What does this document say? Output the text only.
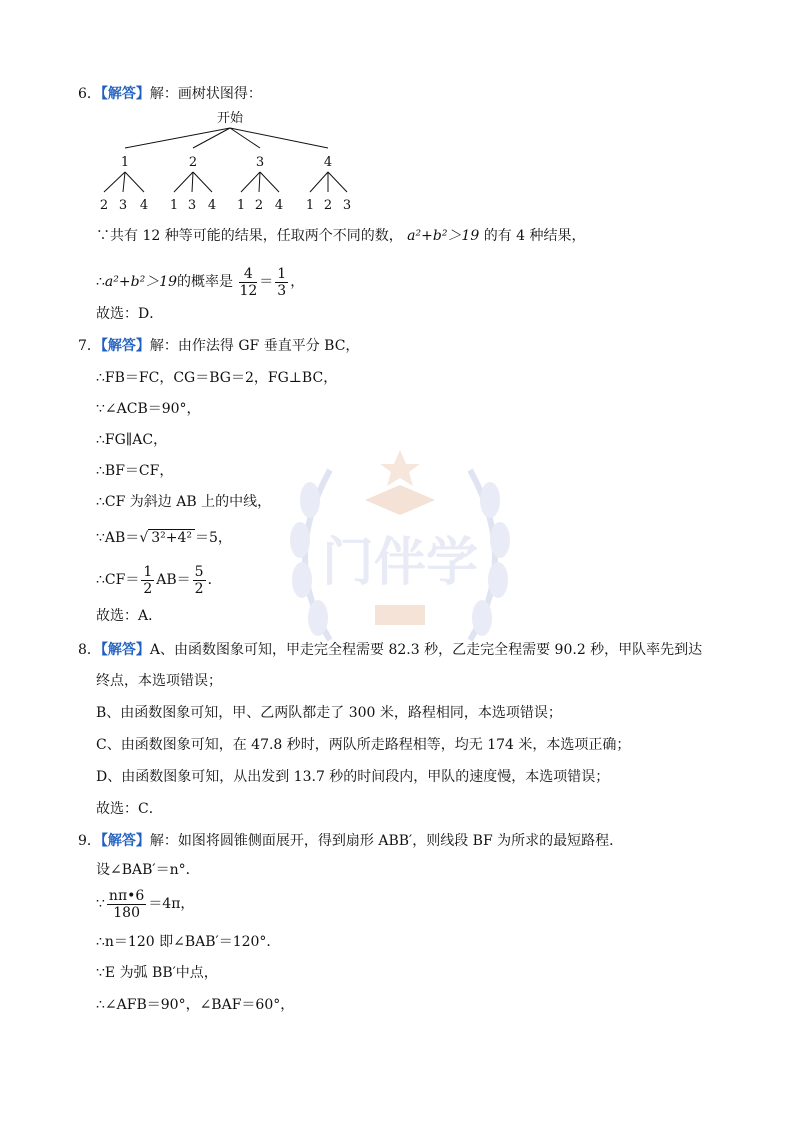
门伴学
6．【解答】解：画树状图得：
开始
1	2	3	4
2 3 4 1 3 4 1 2 4 1 2 3
∵共有 12 种等可能的结果，任取两个不同的数， a²+b²＞19 的有 4 种结果，
∴a²+b²＞19的概率是 $\frac{4}{12} = \frac{1}{3}$ ，
故选：D．
7．【解答】解：由作法得 GF 垂直平分 BC，
∴FB＝FC，CG＝BG＝2，FG⊥BC，
∵∠ACB＝90°，
∴FG∥AC，
∴BF＝CF，
∴CF 为斜边 AB 上的中线，
∵AB＝√ 3²+4² ＝5，
∴CF＝ $\frac{1}{2} AB= \frac{5}{2}$ ．
故选：A．
8．【解答】A、由函数图象可知，甲走完全程需要 82.3 秒，乙走完全程需要 90.2 秒，甲队率先到达
终点，本选项错误；
B、由函数图象可知，甲、乙两队都走了 300 米，路程相同，本选项错误；
C、由函数图象可知，在 47.8 秒时，两队所走路程相等，均无 174 米，本选项正确；
D、由函数图象可知，从出发到 13.7 秒的时间段内，甲队的速度慢，本选项错误；
故选：C．
9．【解答】解：如图将圆锥侧面展开，得到扇形 ABB′，则线段 BF 为所求的最短路程．
设∠BAB′＝n°．
∵ $\frac{n\pi•6}{180} =4\pi$，
∴n＝120 即∠BAB′＝120°．
∵E 为弧 BB′中点，
∴∠AFB＝90°，∠BAF＝60°，
